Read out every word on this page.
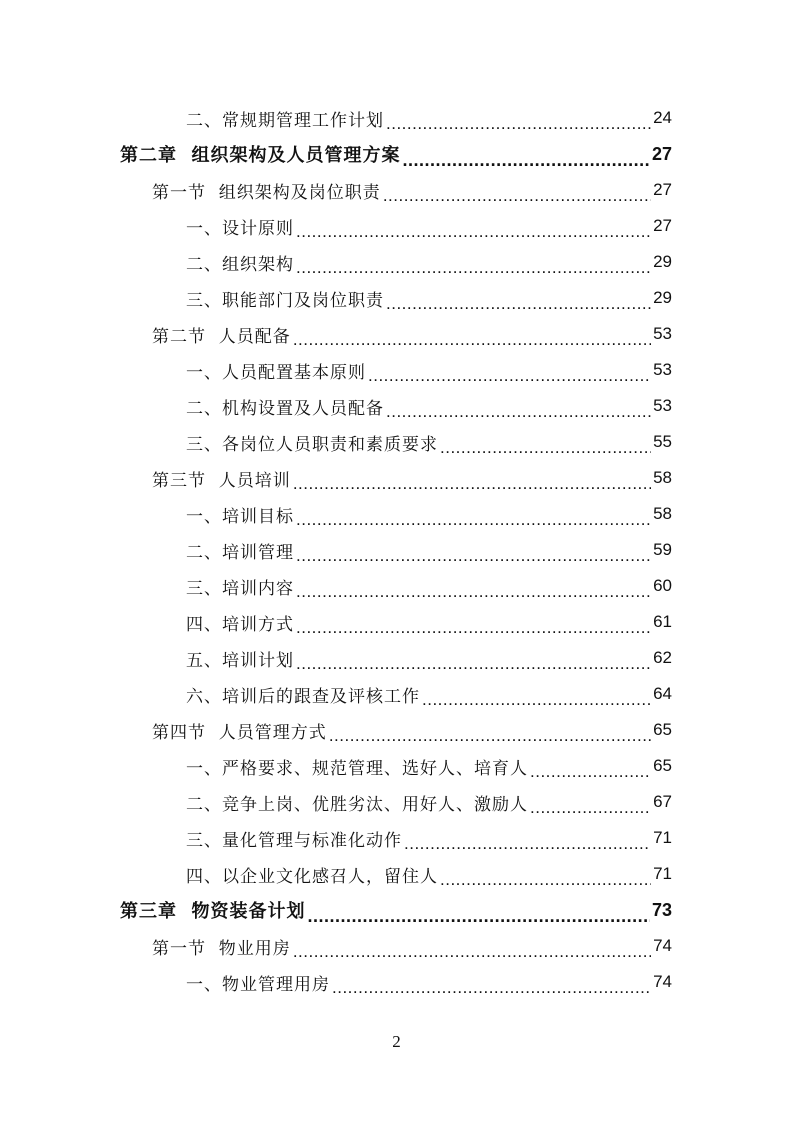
二、常规期管理工作计划 .....	24
第二章  组织架构及人员管理方案 .....	27
第一节  组织架构及岗位职责 .....	27
一、设计原则 .....	27
二、组织架构 .....	29
三、职能部门及岗位职责 .....	29
第二节  人员配备 .....	53
一、人员配置基本原则 .....	53
二、机构设置及人员配备 .....	53
三、各岗位人员职责和素质要求 .....	55
第三节  人员培训 .....	58
一、培训目标 .....	58
二、培训管理 .....	59
三、培训内容 .....	60
四、培训方式 .....	61
五、培训计划 .....	62
六、培训后的跟查及评核工作 .....	64
第四节  人员管理方式 .....	65
一、严格要求、规范管理、选好人、培育人 .....	65
二、竞争上岗、优胜劣汰、用好人、激励人 .....	67
三、量化管理与标准化动作 .....	71
四、以企业文化感召人，留住人 .....	71
第三章  物资装备计划 .....	73
第一节  物业用房 .....	74
一、物业管理用房 .....	74
2
